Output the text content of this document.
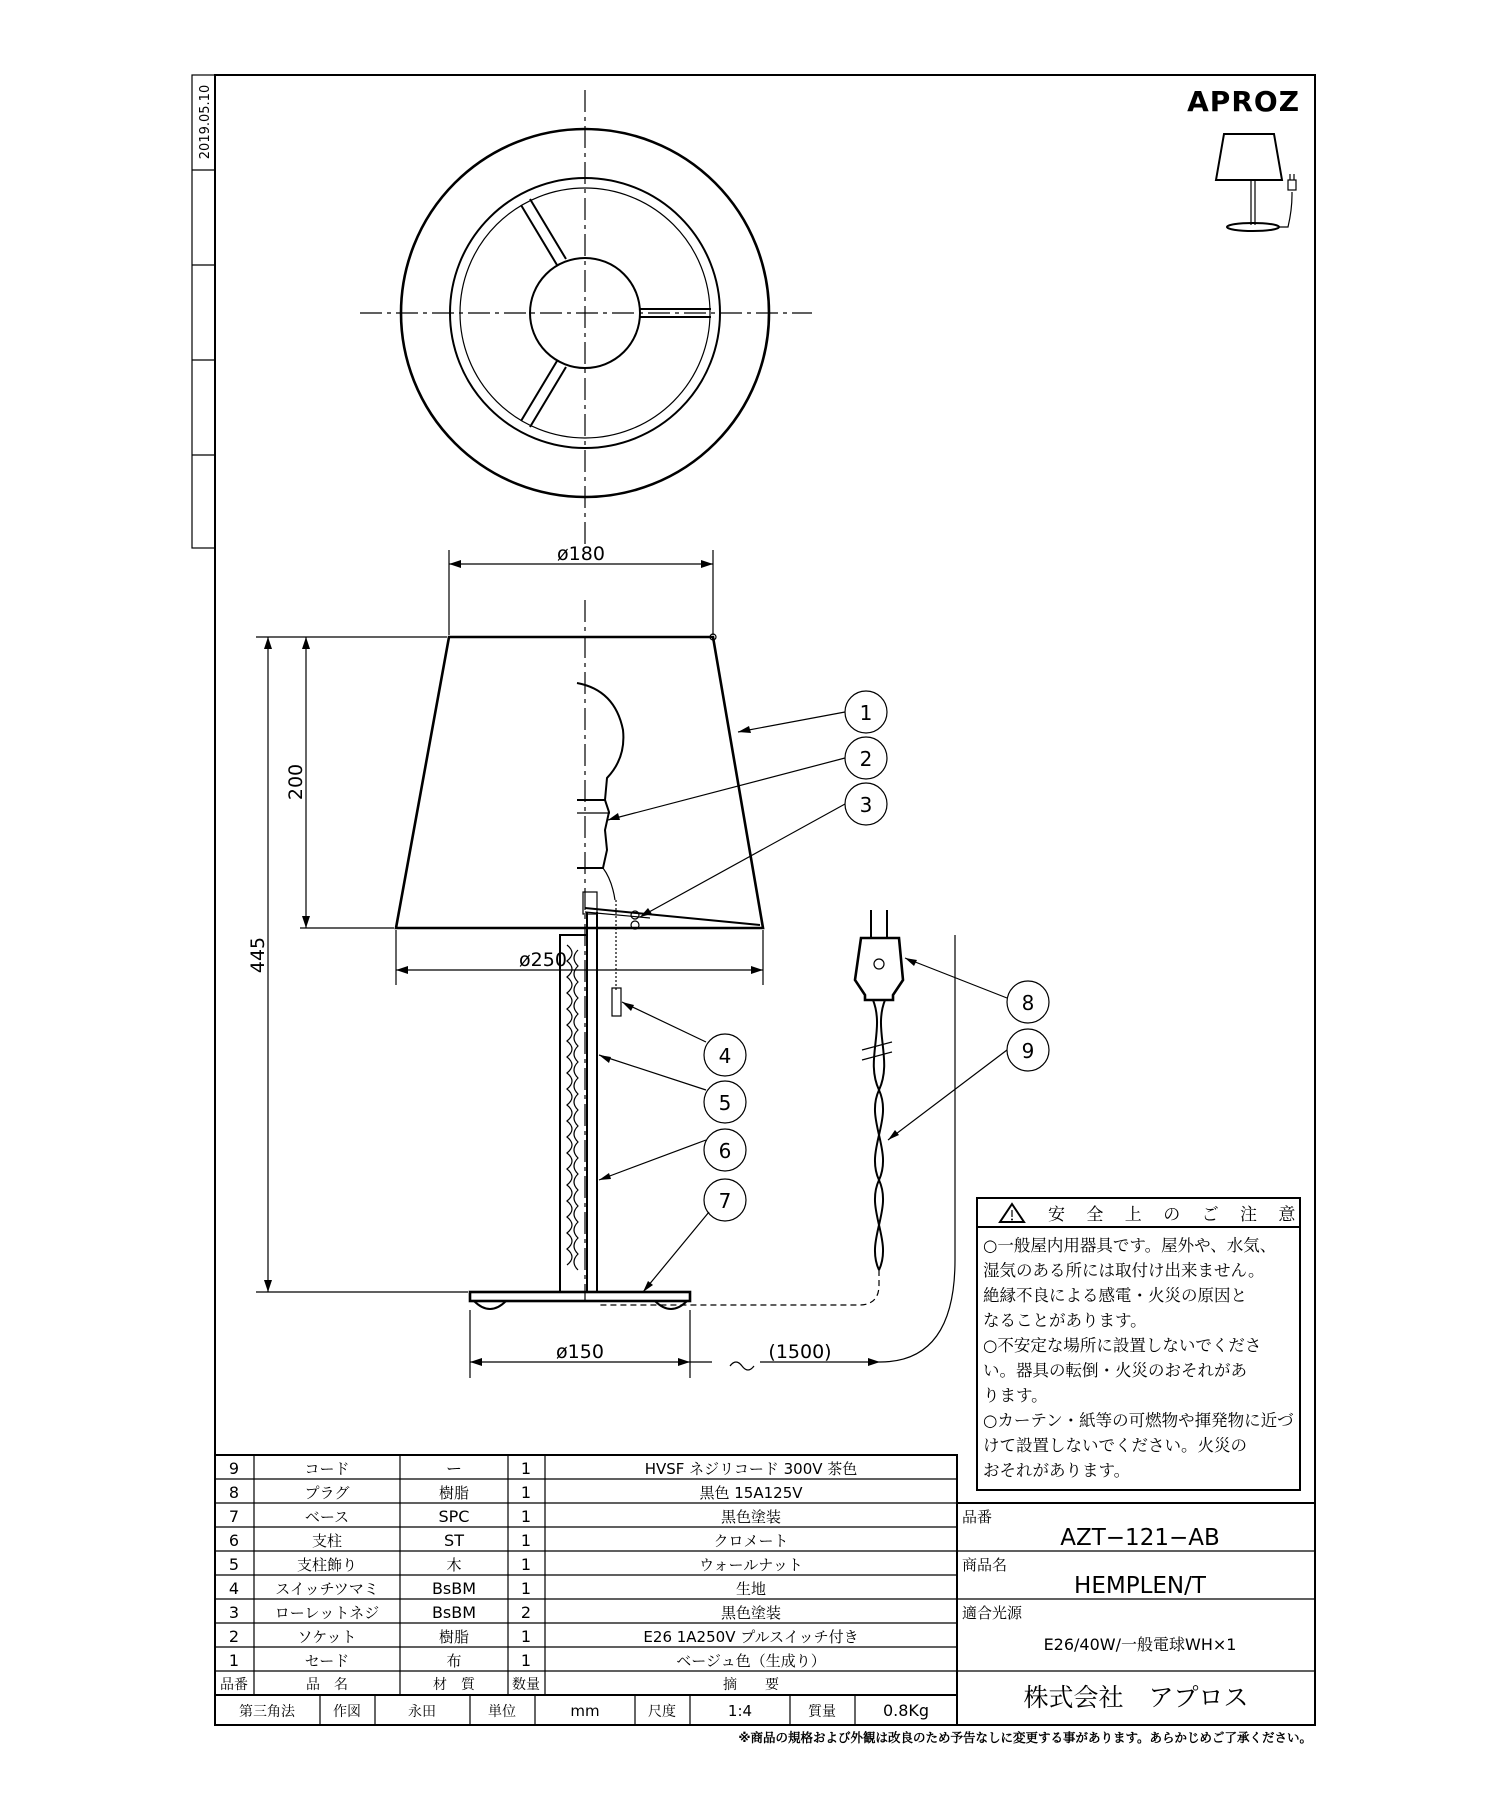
2019.05.10	APROZ
ø180
ø250
ø150	(1500)
200
445
1
2
3
4
5
6
7
8
9
安 全 上 の ご 注 意
○一般屋内用器具です。屋外や、水気、
湿気のある所には取付け出来ません。
絶縁不良による感電・火災の原因と
なることがあります。
○不安定な場所に設置しないでくださ
い。器具の転倒・火災のおそれがあ
ります。
○カーテン・紙等の可燃物や揮発物に近づ
けて設置しないでください。火災の
おそれがあります。
9	コード	ー	1	HVSF ネジリコード 300V 茶色
8	プラグ	樹脂	1	黒色 15A125V
7	ベース	SPC	1	黒色塗装
6	支柱	ST	1	クロメート
5	支柱飾り	木	1	ウォールナット
4 スイッチツマミ	BsBM	1	生地
3 ローレットネジ	BsBM	2	黒色塗装
2	ソケット	樹脂	1	E26 1A250V プルスイッチ付き
1	セード	布	1	ベージュ色（生成り）
品番	品　名	材　質	数量	摘　　要
第三角法	作図	永田	単位	mm	尺度	1:4	質量	0.8Kg
品番
AZT−121−AB
商品名
HEMPLEN/T
適合光源
E26/40W/一般電球WH×1
株式会社　アプロス
※商品の規格および外観は改良のため予告なしに変更する事があります。あらかじめご了承ください。
